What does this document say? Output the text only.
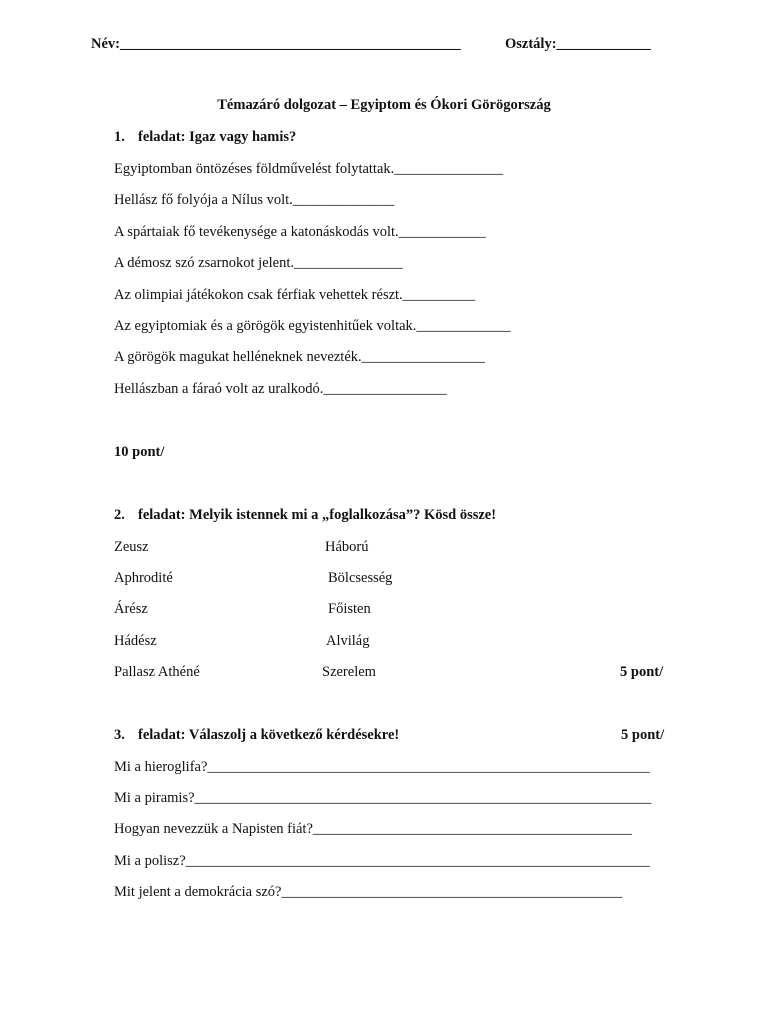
Név:_______________________________________________	Osztály:_____________
Témazáró dolgozat – Egyiptom és Ókori Görögország
1. feladat: Igaz vagy hamis?
Egyiptomban öntözéses földművelést folytattak._______________
Hellász fő folyója a Nílus volt.______________
A spártaiak fő tevékenysége a katonáskodás volt.____________
A démosz szó zsarnokot jelent._______________
Az olimpiai játékokon csak férfiak vehettek részt.__________
Az egyiptomiak és a görögök egyistenhitűek voltak._____________
A görögök magukat helléneknek nevezték._________________
Hellászban a fáraó volt az uralkodó._________________
10 pont/
2. feladat: Melyik istennek mi a „foglalkozása”? Kösd össze!
Zeusz	Háború
Aphrodité	Bölcsesség
Árész	Főisten
Hádész	Alvilág
Pallasz Athéné	Szerelem	5 pont/
3. feladat: Válaszolj a következő kérdésekre!	5 pont/
Mi a hieroglifa?_____________________________________________________________
Mi a piramis?_______________________________________________________________
Hogyan nevezzük a Napisten fiát?____________________________________________
Mi a polisz?________________________________________________________________
Mit jelent a demokrácia szó?_______________________________________________
